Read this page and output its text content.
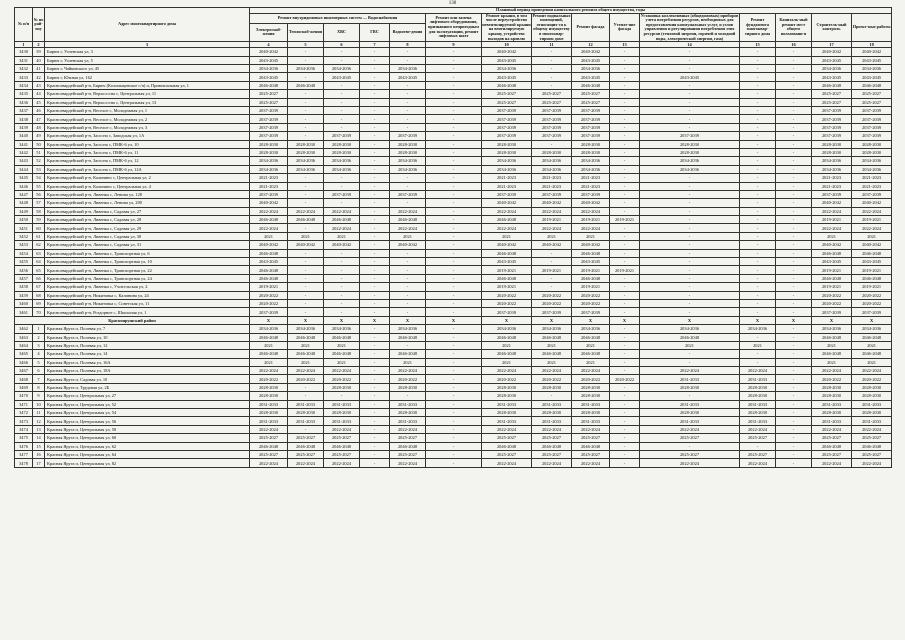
130
№ п/п	№ по рай-ону	Адрес многоквартирного дома	Плановый период проведения капитального ремонта общего имущества, годы														
			Ремонт внутридомовых инженерных систем — Водоснабжения					Ремонт или замена лифтового оборудования, признанного непригодным для эксплуатации, ремонт лифтовых шахт	Ремонт крыши, в том числе переустройство невентилируемой крыши на вентилируемую крышу, устройство выходов на кровлю	Ремонт подвальных помещений, относящих-ся к общему имуществу в многоквар-тирном доме	Ремонт фасада	Утепле-ние фасада	Установка коллективных (общедомовых) приборов учета потребления ресурсов, необходимых для предоставления коммунальных услуг, и узлов управления и регулирования потребления этих ресурсов (тепловой энергии, горячей и холодной воды, электрической энергии, газа)	Ремонт фундамента многоквар-тирного дома	Капиталь-ный ремонт мест общего пользовани-я	Строитель-ный контроль	Проект-ные работы
			Электроснаб-жения	Теплоснаб-жения	ХВС	ГВС	Водоотве-дения										
1	2	3	4	5	6	7	8	9	10	11	12	13	14	15	16	17	18
3430	39	Бирюч г, Успенская ул, 3	2040-2042	-	-	-	-	-	2040-2042	-	2040-2042	-	-	-	-	2040-2042	2040-2042
3431	40	Бирюч г, Успенская ул, 5	2043-2045	-	-	-	-	-	2043-2045	-	2043-2045	-	-	-	-	2043-2045	2043-2045
3432	41	Бирюч г, Чайковского ул, 45	2034-2036	2034-2036	2034-2036	-	2034-2036	-	2034-2036	-	2034-2036	-	-	-	-	2034-2036	2034-2036
3433	42	Бирюч г, Южная ул, 162	2043-2045	-	2043-2045	-	2043-2045	-	2043-2045	-	2043-2045	-	2043-2045	-	-	2043-2045	2043-2045
3434	43	Красногвардейский р-н, Бирюч (Коломыцевское с/п) п, Привокзальная ул, 1	2046-2048	2046-2048	-	-	-	-	2046-2048	-	2046-2048	-	-	-	-	2046-2048	2046-2048
3435	44	Красногвардейский р-н, Верхососна с, Центральная ул, 11	2025-2027	-	-	-	-	-	2025-2027	2025-2027	2025-2027	-	-	-	-	2025-2027	2025-2027
3436	45	Красногвардейский р-н, Верхососна с, Центральная ул, 13	2025-2027	-	-	-	-	-	2025-2027	2025-2027	2025-2027	-	-	-	-	2025-2027	2025-2027
3437	46	Красногвардейский р-н, Веселое с, Молодежная ул, 1	2037-2039	-	-	-	-	-	2037-2039	2037-2039	2037-2039	-	-	-	-	2037-2039	2037-2039
3438	47	Красногвардейский р-н, Веселое с, Молодежная ул, 2	2037-2039	-	-	-	-	-	2037-2039	2037-2039	2037-2039	-	-	-	-	2037-2039	2037-2039
3439	48	Красногвардейский р-н, Веселое с, Молодежная ул, 3	2037-2039	-	-	-	-	-	2037-2039	2037-2039	2037-2039	-	-	-	-	2037-2039	2037-2039
3440	49	Красногвардейский р-н, Засосна с, Заводская ул, 1А	2037-2039	-	2037-2039	-	2037-2039	-	2037-2039	2037-2039	2037-2039	-	2037-2039	-	-	2037-2039	2037-2039
3441	50	Красногвардейский р-н, Засосна с, ПМК-6 ул, 10	2028-2030	2028-2030	2028-2030	-	2028-2030	-	2028-2030	-	2028-2030	-	2028-2030	-	-	2028-2030	2028-2030
3442	51	Красногвардейский р-н, Засосна с, ПМК-6 ул, 11	2028-2030	2028-2030	2028-2030	-	2028-2030	-	2028-2030	2028-2030	2028-2030	-	2028-2030	-	-	2028-2030	2028-2030
3443	52	Красногвардейский р-н, Засосна с, ПМК-6 ул, 12	2034-2036	2034-2036	2034-2036	-	2034-2036	-	2034-2036	2034-2036	2034-2036	-	2034-2036	-	-	2034-2036	2034-2036
3444	53	Красногвардейский р-н, Засосна с, ПМК-6 ул, 12А	2034-2036	2034-2036	2034-2036	-	2034-2036	-	2034-2036	2034-2036	2034-2036	-	2034-2036	-	-	2034-2036	2034-2036
3445	54	Красногвардейский р-н, Калинино с, Центральная ул, 2	2021-2023	-	-	-	-	-	2021-2023	2021-2023	2021-2023	-	-	-	-	2021-2023	2021-2023
3446	55	Красногвардейский р-н, Калинино с, Центральная ул, 4	2021-2023	-	-	-	-	-	2021-2023	2021-2023	2021-2023	-	-	-	-	2021-2023	2021-2023
3447	56	Красногвардейский р-н, Ливенка с, Ленина ул, 128	2037-2039	-	2037-2039	-	2037-2039	-	2037-2039	2037-2039	2037-2039	-	-	-	-	2037-2039	2037-2039
3448	57	Красногвардейский р-н, Ливенка с, Ленина ул, 200	2040-2042	-	-	-	-	-	2040-2042	2040-2042	2040-2042	-	-	-	-	2040-2042	2040-2042
3449	58	Красногвардейский р-н, Ливенка с, Садовая ул, 27	2022-2024	2022-2024	2022-2024	-	2022-2024	-	2022-2024	2022-2024	2022-2024	-	-	-	-	2022-2024	2022-2024
3450	59	Красногвардейский р-н, Ливенка с, Садовая ул, 28	2046-2048	2046-2048	2046-2048	-	2046-2048	-	2046-2048	2019-2021	2019-2021	2019-2021	-	-	-	2019-2021	2019-2021
3451	60	Красногвардейский р-н, Ливенка с, Садовая ул, 29	2022-2024	-	2022-2024	-	2022-2024	-	2022-2024	2022-2024	2022-2024	-	-	-	-	2022-2024	2022-2024
3452	61	Красногвардейский р-н, Ливенка с, Садовая ул, 30	2021	2021	2021	-	2021	-	2021	2021	2021	-	-	-	-	2021	2021
3453	62	Красногвардейский р-н, Ливенка с, Садовая ул, 31	2040-2042	2040-2042	2040-2042	-	2040-2042	-	2040-2042	2040-2042	2040-2042	-	-	-	-	2040-2042	2040-2042
3454	63	Красногвардейский р-н, Ливенка с, Транспортная ул, 6	2046-2048	-	-	-	-	-	2046-2048	-	2046-2048	-	-	-	-	2046-2048	2046-2048
3455	64	Красногвардейский р-н, Ливенка с, Транспортная ул, 10	2043-2045	-	-	-	-	-	2043-2045	-	2043-2045	-	-	-	-	2043-2045	2043-2045
3456	65	Красногвардейский р-н, Ливенка с, Транспортная ул, 22	2046-2048	-	-	-	-	-	2019-2021	2019-2021	2019-2021	2019-2021	-	-	-	2019-2021	2019-2021
3457	66	Красногвардейский р-н, Ливенка с, Транспортная ул, 24	2046-2048	-	-	-	-	-	2046-2048	-	2046-2048	-	-	-	-	2046-2048	2046-2048
3458	67	Красногвардейский р-н, Ливенка с, Учительская ул, 2	2019-2021	-	-	-	-	-	2019-2021	-	2019-2021	-	-	-	-	2019-2021	2019-2021
3459	68	Красногвардейский р-н, Никитовка с, Калинина ул, 24	2020-2022	-	-	-	-	-	2020-2022	2020-2022	2020-2022	-	-	-	-	2020-2022	2020-2022
3460	69	Красногвардейский р-н, Никитовка с, Советская ул, 11	2020-2022	-	-	-	-	-	2020-2022	2020-2022	2020-2022	-	-	-	-	2020-2022	2020-2022
3461	70	Красногвардейский р-н, Роздорное с, Школьная ул, 1	2037-2039	-	-	-	-	-	2037-2039	2037-2039	2037-2039	-	-	-	-	2037-2039	2037-2039
Красноярушский район			X	X	X	X	X	X	X	X	X	X	X	X	X	X	X
3462	1	Красная Яруга п, Полевая ул, 7	2034-2036	2034-2036	2034-2036	-	2034-2036	-	2034-2036	2034-2036	2034-2036	-	2034-2036	2034-2036	-	2034-2036	2034-2036
3463	2	Красная Яруга п, Полевая ул, 10	2046-2048	2046-2048	2046-2048	-	2046-2048	-	2046-2048	2046-2048	2046-2048	-	2046-2048	-	-	2046-2048	2046-2048
3464	3	Красная Яруга п, Полевая ул, 12	2021	2021	2021	-	-	-	2021	2021	2021	-	2021	2021	-	2021	2021
3465	4	Красная Яруга п, Полевая ул, 14	2046-2048	2046-2048	2046-2048	-	2046-2048	-	2046-2048	2046-2048	2046-2048	-	-	-	-	2046-2048	2046-2048
3466	5	Красная Яруга п, Полевая ул, 16А	2021	2021	2021	-	2021	-	2021	2021	2021	-	-	-	-	2021	2021
3467	6	Красная Яруга п, Полевая ул, 18А	2022-2024	2022-2024	2022-2024	-	2022-2024	-	2022-2024	2022-2024	2022-2024	-	2022-2024	2022-2024	-	2022-2024	2022-2024
3468	7	Красная Яруга п, Садовая ул, 10	2020-2022	2020-2022	2020-2022	-	2020-2022	-	2020-2022	2020-2022	2020-2022	2020-2022	2031-2033	2031-2033	-	2020-2022	2020-2022
3469	8	Красная Яруга п, Трудовая ул, 2Б	2028-2030	-	2028-2030	-	2028-2030	-	2028-2030	2028-2030	2028-2030	-	2028-2030	2028-2030	-	2028-2030	2028-2030
3470	9	Красная Яруга п, Центральная ул, 27	2028-2030	-	-	-	-	-	2028-2030	-	2028-2030	-	-	2028-2030	-	2028-2030	2028-2030
3471	10	Красная Яруга п, Центральная ул, 52	2031-2033	2031-2033	2031-2033	-	2031-2033	-	2031-2033	2031-2033	2031-2033	-	2031-2033	2031-2033	-	2031-2033	2031-2033
3472	11	Красная Яруга п, Центральная ул, 54	2028-2030	2028-2030	2028-2030	-	2028-2030	-	2028-2030	2028-2030	2028-2030	-	2028-2030	2028-2030	-	2028-2030	2028-2030
3473	12	Красная Яруга п, Центральная ул, 56	2031-2033	2031-2033	2031-2033	-	2031-2033	-	2031-2033	2031-2033	2031-2033	-	2031-2033	2031-2033	-	2031-2033	2031-2033
3474	13	Красная Яруга п, Центральная ул, 58	2022-2024	-	2022-2024	-	2022-2024	-	2022-2024	2022-2024	2022-2024	-	2022-2024	2022-2024	-	2022-2024	2022-2024
3475	14	Красная Яруга п, Центральная ул, 60	2025-2027	2025-2027	2025-2027	-	2025-2027	-	2025-2027	2025-2027	2025-2027	-	2025-2027	2025-2027	-	2025-2027	2025-2027
3476	15	Красная Яруга п, Центральная ул, 62	2046-2048	2046-2048	2046-2048	-	2046-2048	-	2046-2048	2046-2048	2046-2048	-	-	-	-	2046-2048	2046-2048
3477	16	Красная Яруга п, Центральная ул, 64	2025-2027	2025-2027	2025-2027	-	2025-2027	-	2025-2027	2025-2027	2025-2027	-	2025-2027	2025-2027	-	2025-2027	2025-2027
3478	17	Красная Яруга п, Центральная ул, 82	2022-2024	2022-2024	2022-2024	-	2022-2024	-	2022-2024	2022-2024	2022-2024	-	2022-2024	2022-2024	-	2022-2024	2022-2024
